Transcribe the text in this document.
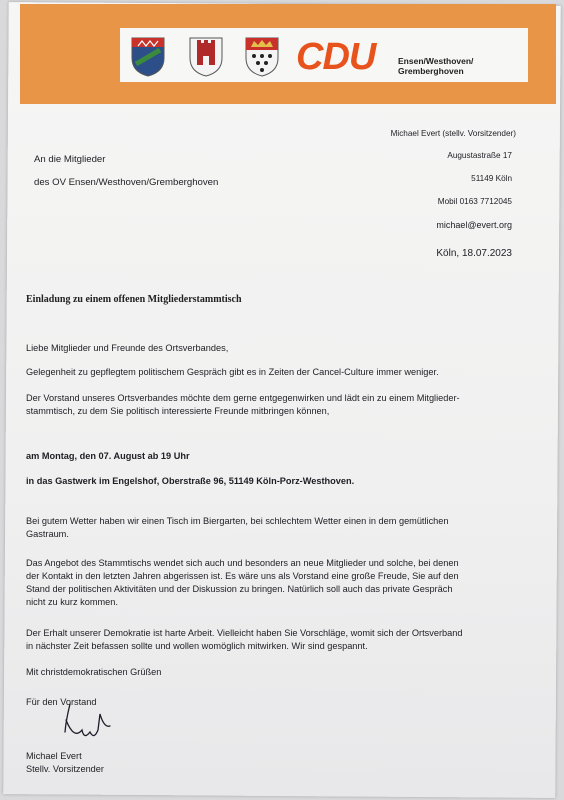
CDU	Ensen/Westhoven/
Gremberghoven
Michael Evert (stellv. Vorsitzender)
Augustastraße 17
51149 Köln
Mobil 0163 7712045
michael@evert.org
Köln, 18.07.2023
An die Mitglieder
des OV Ensen/Westhoven/Gremberghoven
Einladung zu einem offenen Mitgliederstammtisch
Liebe Mitglieder und Freunde des Ortsverbandes,
Gelegenheit zu gepflegtem politischem Gespräch gibt es in Zeiten der Cancel-Culture immer weniger.
Der Vorstand unseres Ortsverbandes möchte dem gerne entgegenwirken und lädt ein zu einem Mitglieder-
stammtisch, zu dem Sie politisch interessierte Freunde mitbringen können,
am Montag, den 07. August ab 19 Uhr
in das Gastwerk im Engelshof, Oberstraße 96, 51149 Köln-Porz-Westhoven.
Bei gutem Wetter haben wir einen Tisch im Biergarten, bei schlechtem Wetter einen in dem gemütlichen
Gastraum.
Das Angebot des Stammtischs wendet sich auch und besonders an neue Mitglieder und solche, bei denen
der Kontakt in den letzten Jahren abgerissen ist. Es wäre uns als Vorstand eine große Freude, Sie auf den
Stand der politischen Aktivitäten und der Diskussion zu bringen. Natürlich soll auch das private Gespräch
nicht zu kurz kommen.
Der Erhalt unserer Demokratie ist harte Arbeit. Vielleicht haben Sie Vorschläge, womit sich der Ortsverband
in nächster Zeit befassen sollte und wollen womöglich mitwirken. Wir sind gespannt.
Mit christdemokratischen Grüßen
Für den Vorstand
Michael Evert
Stellv. Vorsitzender
